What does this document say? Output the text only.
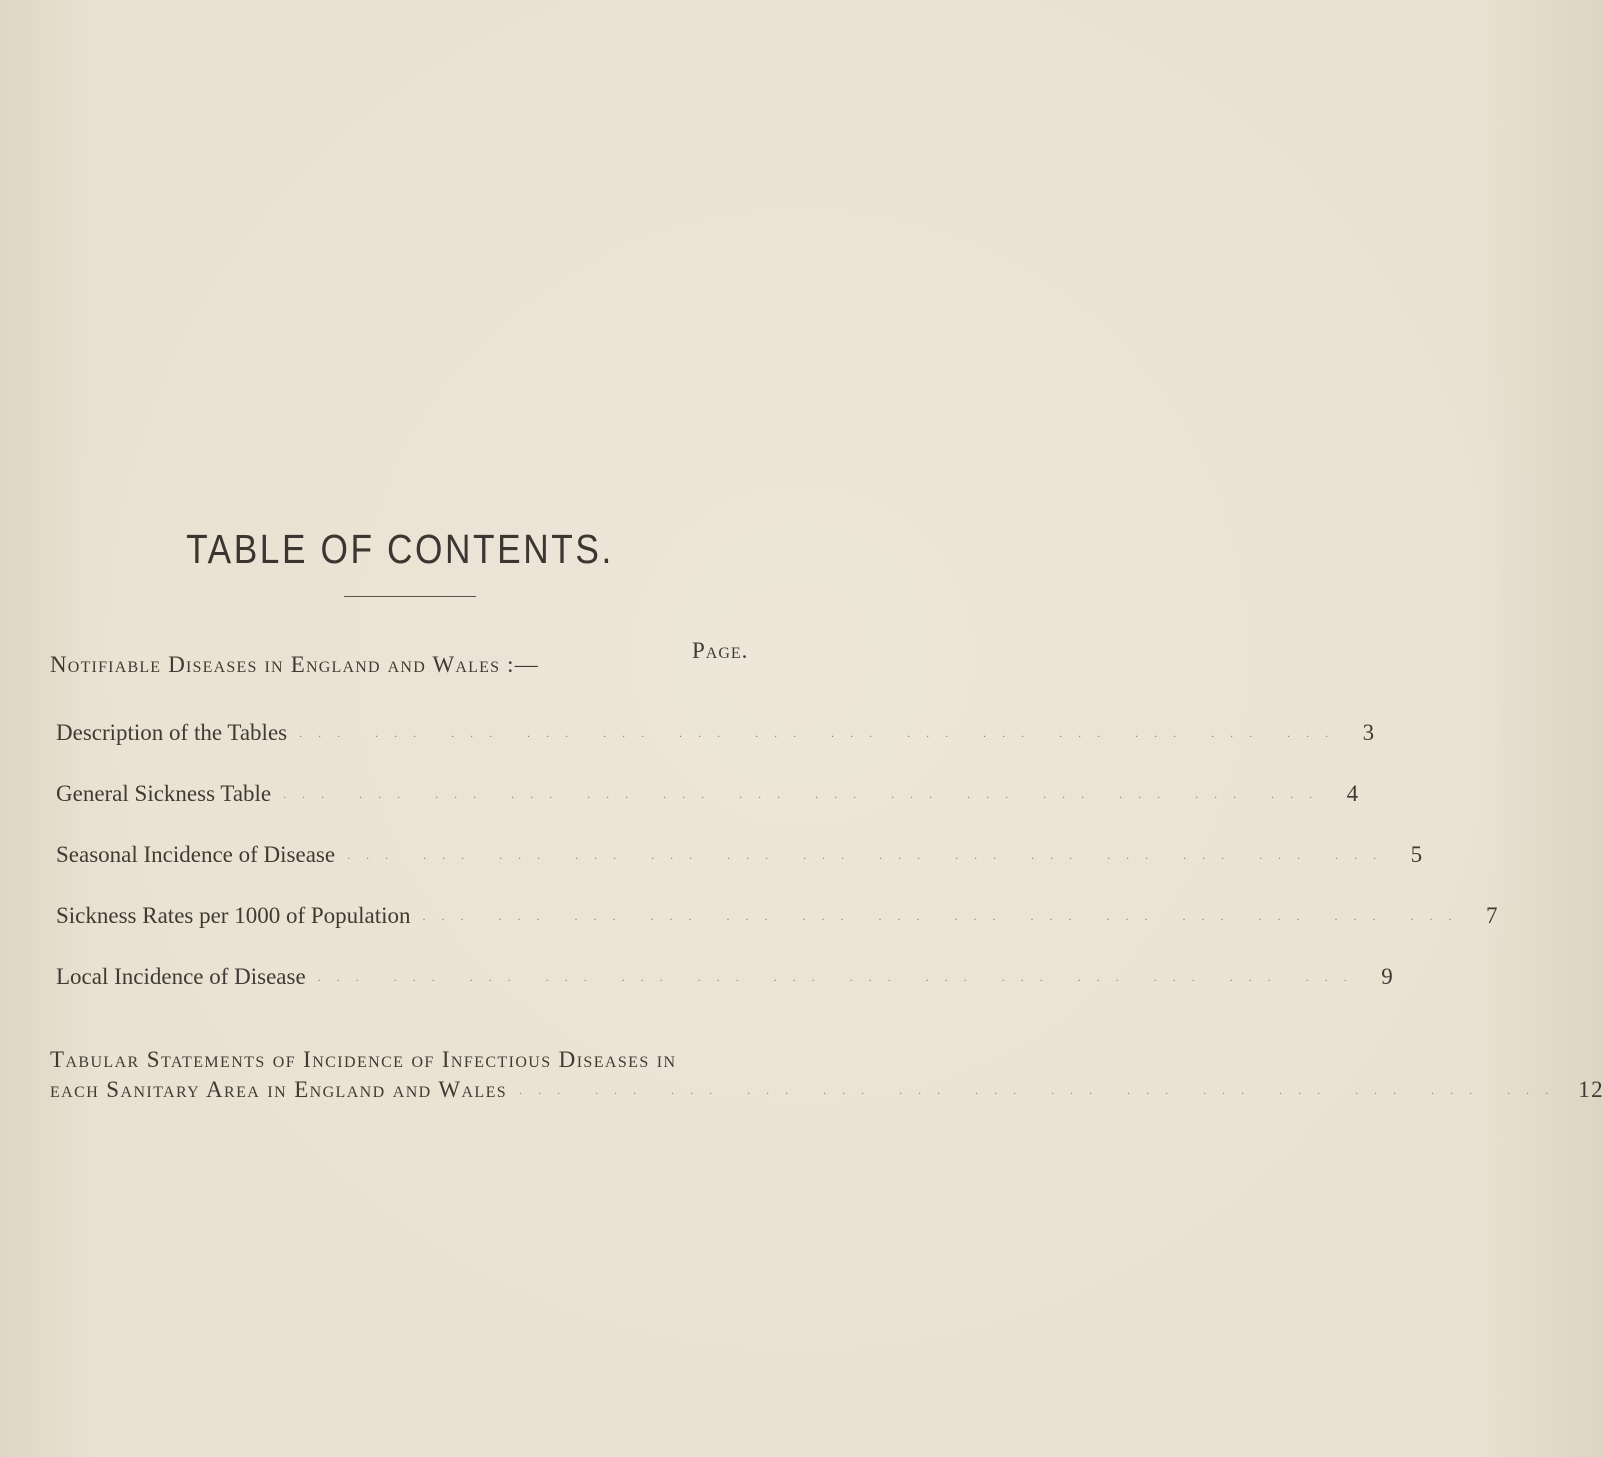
TABLE OF CONTENTS.
Page.
Notifiable Diseases in England and Wales :—
Description of the Tables ... ... ... ... ... ... ... ... ... ... ... ... ... ... 3
General Sickness Table ... ... ... ... ... ... ... ... ... ... ... ... ... ... 4
Seasonal Incidence of Disease ... ... ... ... ... ... ... ... ... ... ... ... ... ... 5
Sickness Rates per 1000 of Population ... ... ... ... ... ... ... ... ... ... ... ... ... ... 7
Local Incidence of Disease ... ... ... ... ... ... ... ... ... ... ... ... ... ... 9
Tabular Statements of Incidence of Infectious Diseases in
each Sanitary Area in England and Wales ... ... ... ... ... ... ... ... ... ... ... ... ... ... 12
